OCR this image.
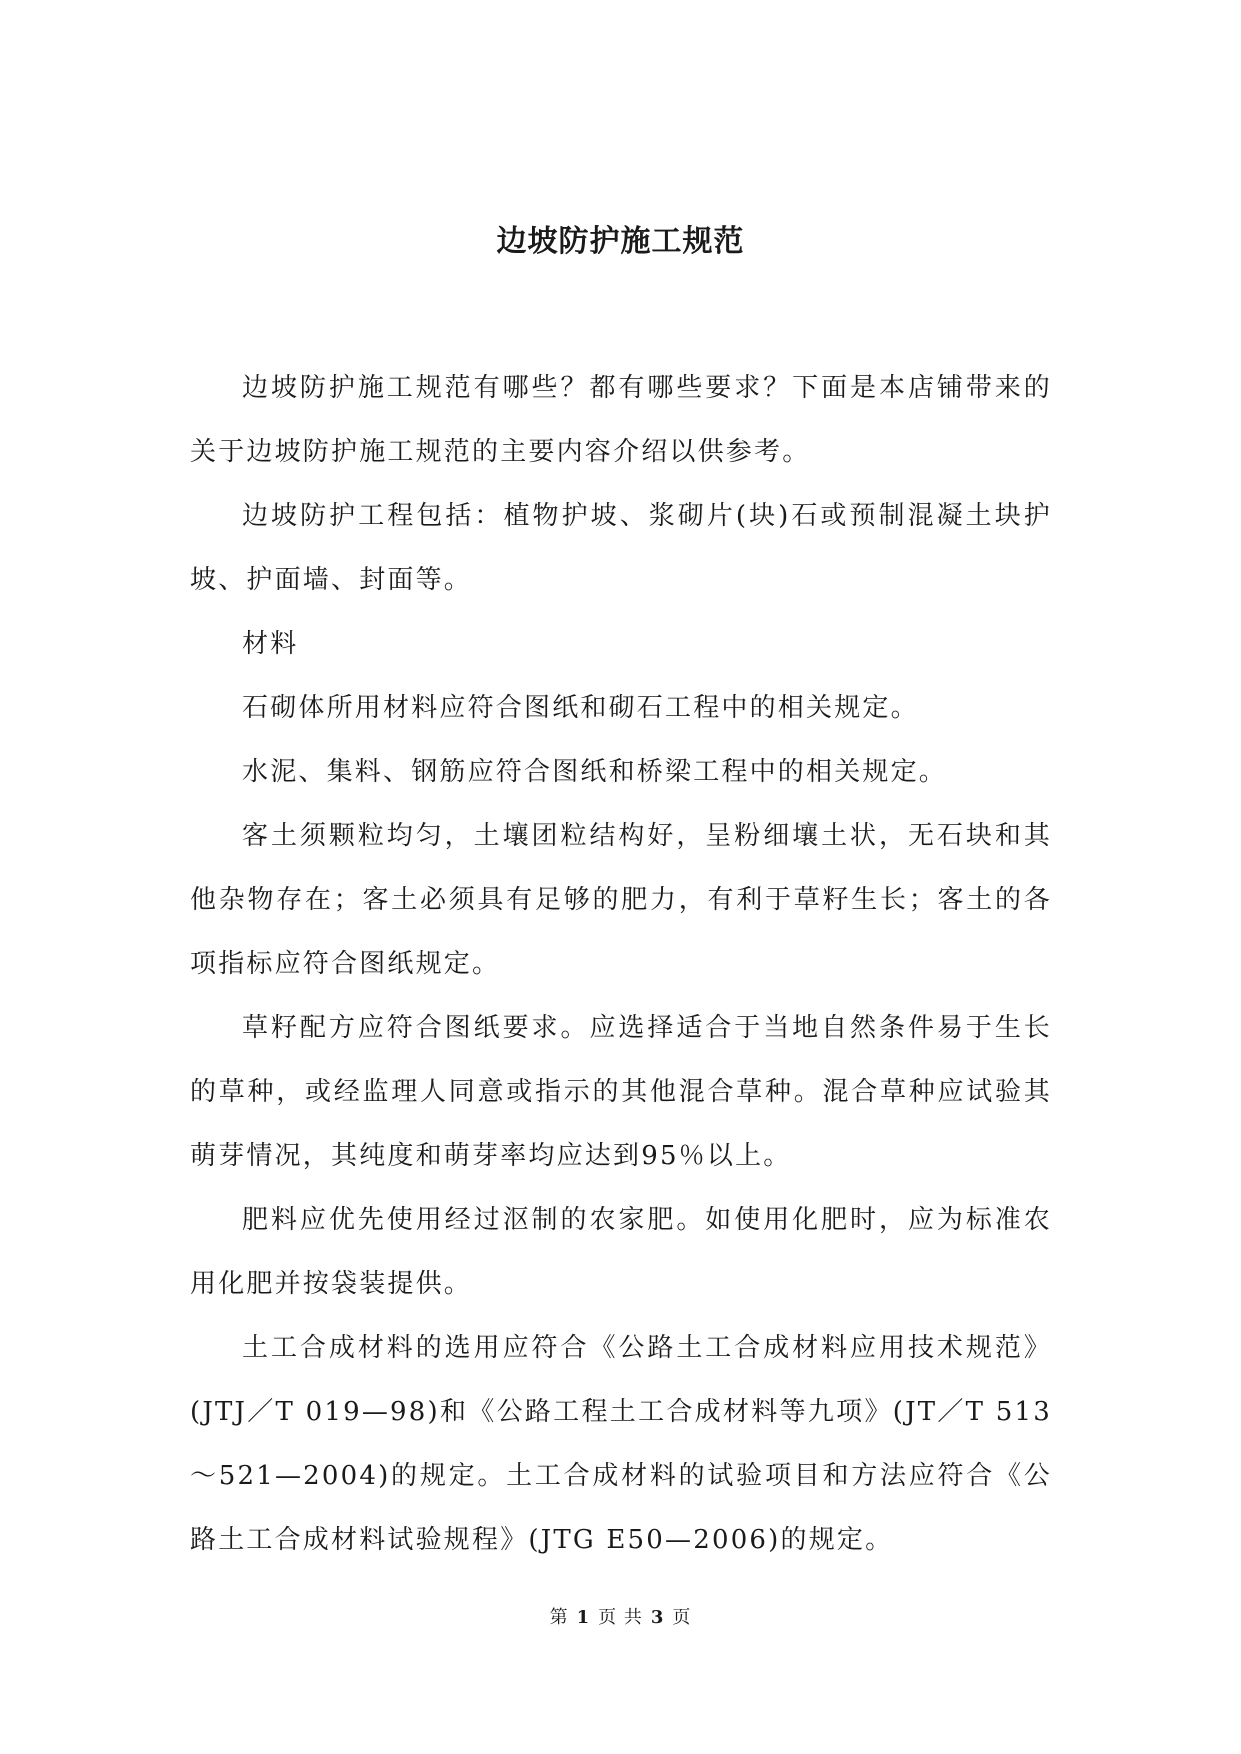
边坡防护施工规范

边坡防护施工规范有哪些？都有哪些要求？下面是本店铺带来的关于边坡防护施工规范的主要内容介绍以供参考。

边坡防护工程包括：植物护坡、浆砌片(块)石或预制混凝土块护坡、护面墙、封面等。

材料

石砌体所用材料应符合图纸和砌石工程中的相关规定。

水泥、集料、钢筋应符合图纸和桥梁工程中的相关规定。

客土须颗粒均匀，土壤团粒结构好，呈粉细壤土状，无石块和其他杂物存在；客土必须具有足够的肥力，有利于草籽生长；客土的各项指标应符合图纸规定。

草籽配方应符合图纸要求。应选择适合于当地自然条件易于生长的草种，或经监理人同意或指示的其他混合草种。混合草种应试验其萌芽情况，其纯度和萌芽率均应达到95％以上。

肥料应优先使用经过沤制的农家肥。如使用化肥时，应为标准农用化肥并按袋装提供。

土工合成材料的选用应符合《公路土工合成材料应用技术规范》(JTJ／T 019—98)和《公路工程土工合成材料等九项》(JT／T 513～521—2004)的规定。土工合成材料的试验项目和方法应符合《公路土工合成材料试验规程》(JTG E50—2006)的规定。

第 1 页 共 3 页
